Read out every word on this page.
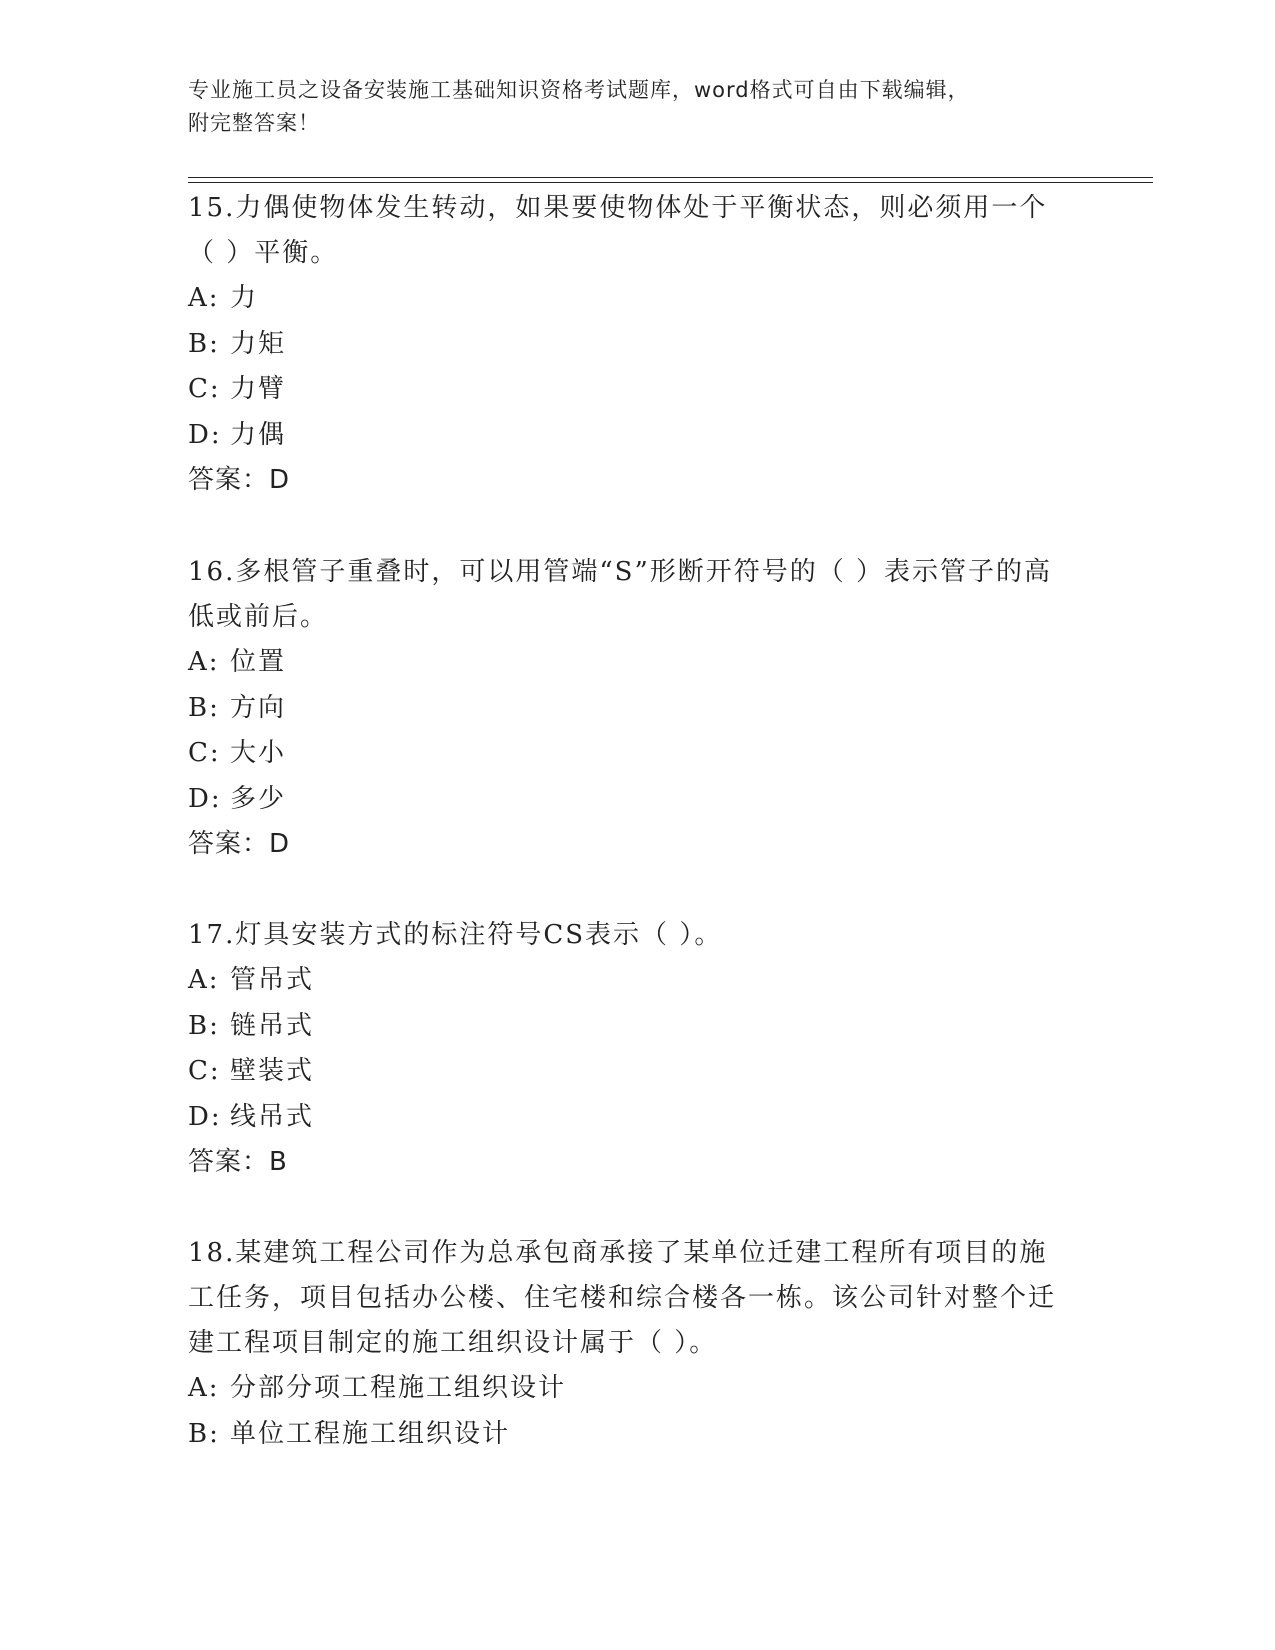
专业施工员之设备安装施工基础知识资格考试题库，word格式可自由下载编辑，
附完整答案！

15.力偶使物体发生转动，如果要使物体处于平衡状态，则必须用一个（ ）平衡。

A: 力
B: 力矩
C: 力臂
D: 力偶
答案：D

16.多根管子重叠时，可以用管端“S”形断开符号的（ ）表示管子的高低或前后。

A: 位置
B: 方向
C: 大小
D: 多少
答案：D

17.灯具安装方式的标注符号CS表示（ ）。

A: 管吊式
B: 链吊式
C: 壁装式
D: 线吊式
答案：B

18.某建筑工程公司作为总承包商承接了某单位迁建工程所有项目的施工任务，项目包括办公楼、住宅楼和综合楼各一栋。该公司针对整个迁建工程项目制定的施工组织设计属于（ ）。

A: 分部分项工程施工组织设计
B: 单位工程施工组织设计
